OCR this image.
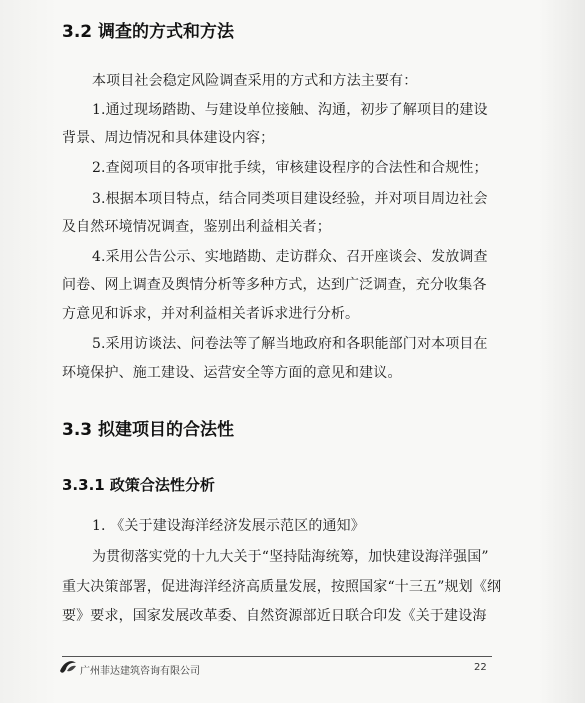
3.2 调查的方式和方法
本项目社会稳定风险调查采用的方式和方法主要有：
1.通过现场踏勘、与建设单位接触、沟通，初步了解项目的建设
背景、周边情况和具体建设内容；
2.查阅项目的各项审批手续，审核建设程序的合法性和合规性；
3.根据本项目特点，结合同类项目建设经验，并对项目周边社会
及自然环境情况调查，鉴别出利益相关者；
4.采用公告公示、实地踏勘、走访群众、召开座谈会、发放调查
问卷、网上调查及舆情分析等多种方式，达到广泛调查，充分收集各
方意见和诉求，并对利益相关者诉求进行分析。
5.采用访谈法、问卷法等了解当地政府和各职能部门对本项目在
环境保护、施工建设、运营安全等方面的意见和建议。
3.3 拟建项目的合法性
3.3.1 政策合法性分析
1. 《关于建设海洋经济发展示范区的通知》
为贯彻落实党的十九大关于“坚持陆海统筹，加快建设海洋强国”
重大决策部署，促进海洋经济高质量发展，按照国家“十三五”规划《纲
要》要求，国家发展改革委、自然资源部近日联合印发《关于建设海
广州菲达建筑咨询有限公司	22
